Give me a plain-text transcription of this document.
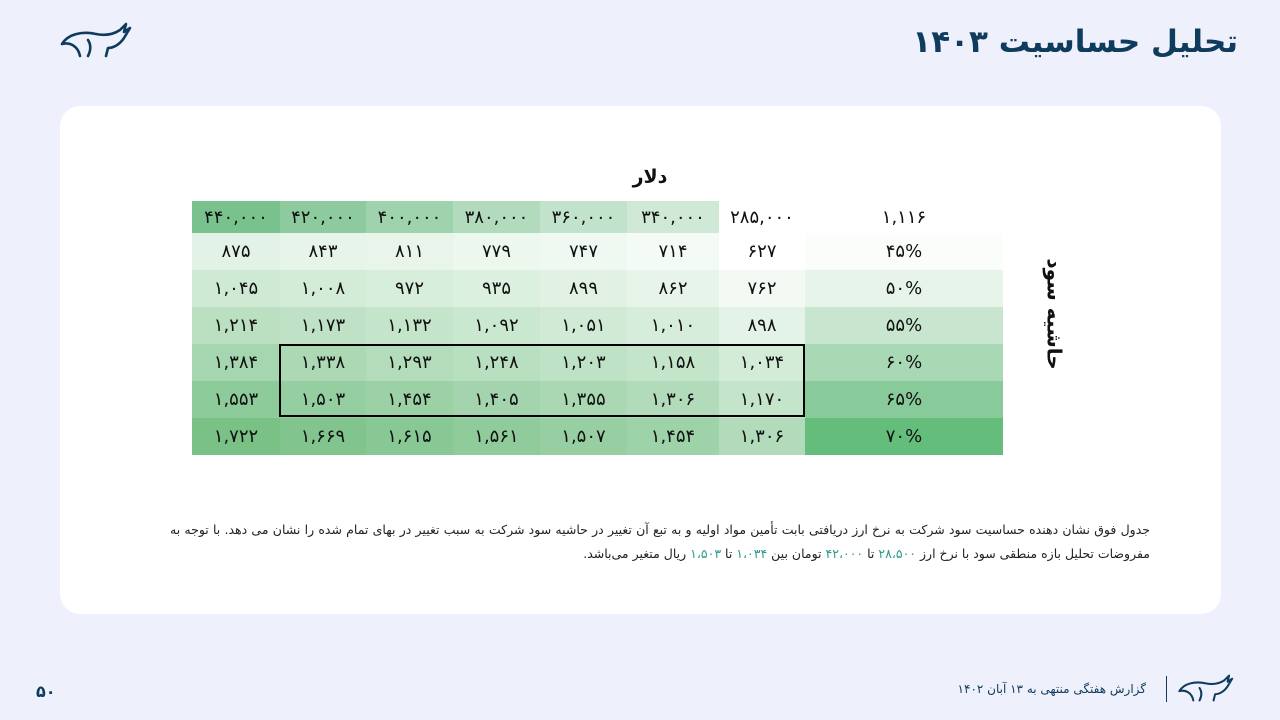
تحلیل حساسیت ۱۴۰۳
دلار
حاشیه سود
۴۴۰,۰۰۰	۴۲۰,۰۰۰	۴۰۰,۰۰۰	۳۸۰,۰۰۰	۳۶۰,۰۰۰	۳۴۰,۰۰۰	۲۸۵,۰۰۰	۱,۱۱۶
۸۷۵	۸۴۳	۸۱۱	۷۷۹	۷۴۷	۷۱۴	۶۲۷	۴۵%
۱,۰۴۵	۱,۰۰۸	۹۷۲	۹۳۵	۸۹۹	۸۶۲	۷۶۲	۵۰%
۱,۲۱۴	۱,۱۷۳	۱,۱۳۲	۱,۰۹۲	۱,۰۵۱	۱,۰۱۰	۸۹۸	۵۵%
۱,۳۸۴	۱,۳۳۸	۱,۲۹۳	۱,۲۴۸	۱,۲۰۳	۱,۱۵۸	۱,۰۳۴	۶۰%
۱,۵۵۳	۱,۵۰۳	۱,۴۵۴	۱,۴۰۵	۱,۳۵۵	۱,۳۰۶	۱,۱۷۰	۶۵%
۱,۷۲۲	۱,۶۶۹	۱,۶۱۵	۱,۵۶۱	۱,۵۰۷	۱,۴۵۴	۱,۳۰۶	۷۰%
جدول فوق نشان دهنده حساسیت سود شرکت به نرخ ارز دریافتی بابت تأمین مواد اولیه و به تبع آن تغییر در حاشیه سود شرکت به سبب تغییر در بهای تمام شده را نشان می دهد. با توجه به مفروضات تحلیل بازه منطقی سود با نرخ ارز ۲۸،۵۰۰ تا ۴۲،۰۰۰ تومان بین ۱،۰۳۴ تا ۱،۵۰۳ ریال متغیر می‌باشد.
۵۰	گزارش هفتگی منتهی به ۱۳ آبان ۱۴۰۲
